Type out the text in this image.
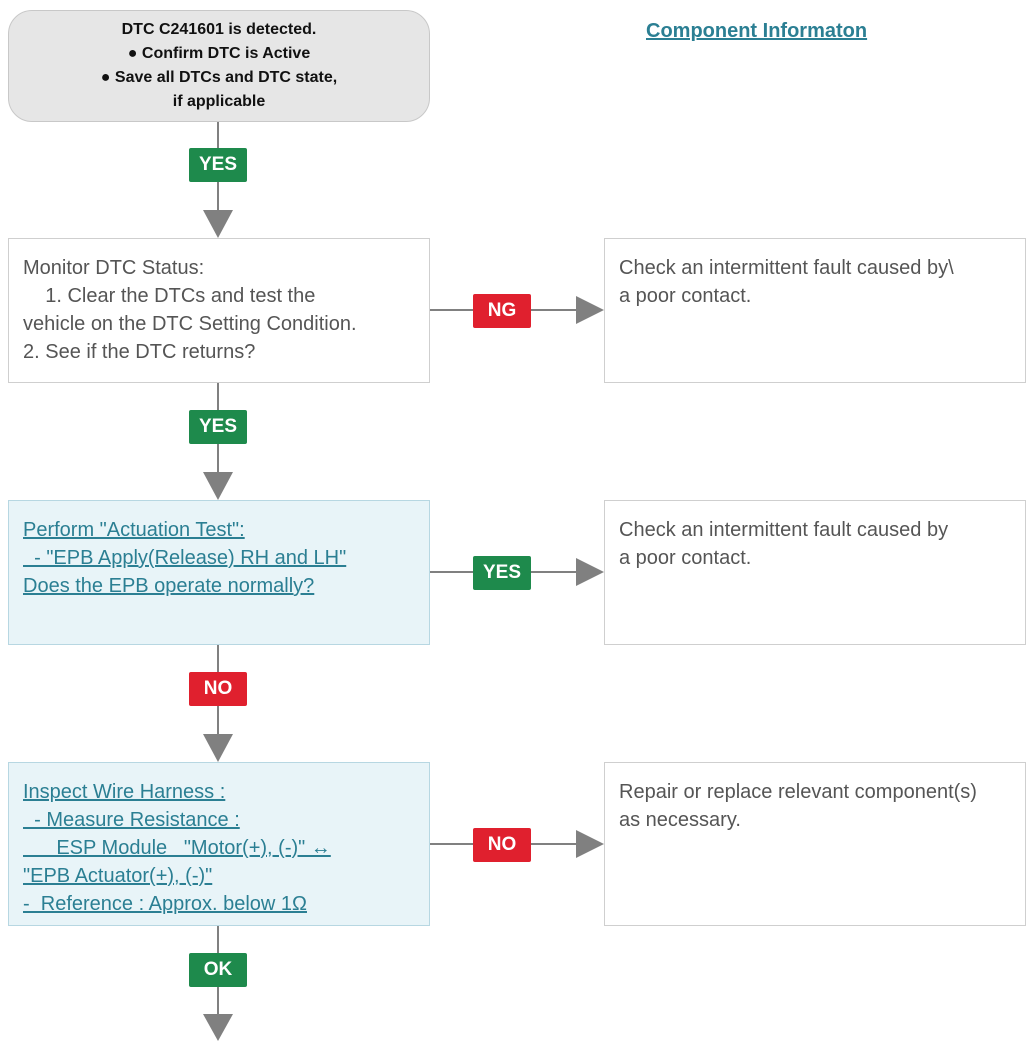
DTC C241601 is detected.
● Confirm DTC is Active
● Save all DTCs and DTC state,
if applicable
Component Informaton
YES
YES
NO
OK
Monitor DTC Status:
1. Clear the DTCs and test the
vehicle on the DTC Setting Condition.
2. See if the DTC returns?
NG
Check an intermittent fault caused by\
a poor contact.
Perform "Actuation Test":
- "EPB Apply(Release) RH and LH"
Does the EPB operate normally?
YES
Check an intermittent fault caused by
a poor contact.
Inspect Wire Harness :
- Measure Resistance :
ESP Module   "Motor(+), (-)" ↔
"EPB Actuator(+), (-)"
-  Reference : Approx. below 1Ω
NO
Repair or replace relevant component(s)
as necessary.
